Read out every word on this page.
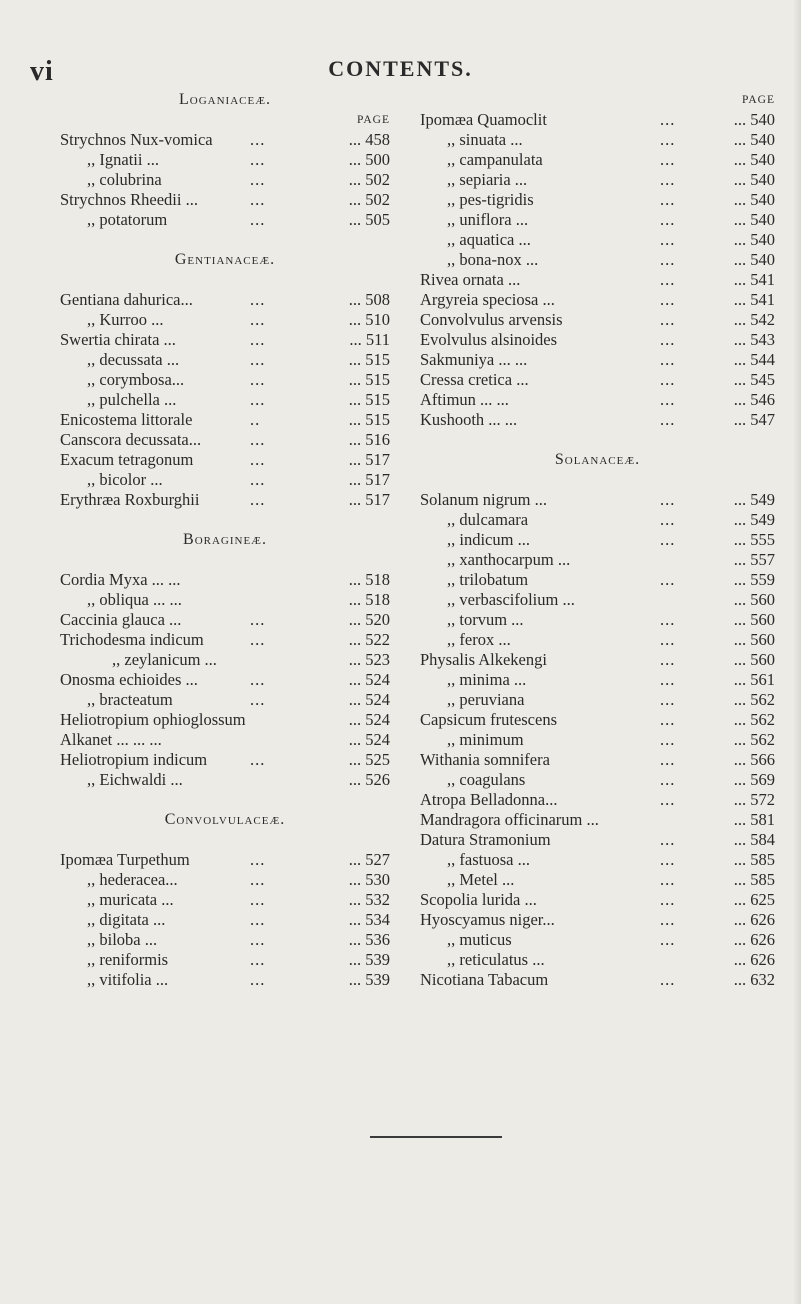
vi	CONTENTS.
Loganiaceæ.
PAGE
Strychnos Nux-vomica ...	... 458
,, Ignatii ...	...	... 500
,, colubrina	...	... 502
Strychnos Rheedii ...	...	... 502
,, potatorum	...	... 505
Gentianaceæ.
Gentiana dahurica...	...	... 508
,, Kurroo ...	...	... 510
Swertia chirata ...	...	... 511
,, decussata ...	...	... 515
,, corymbosa...	...	... 515
,, pulchella ...	...	... 515
Enicostema littorale	..	... 515
Canscora decussata...	...	... 516
Exacum tetragonum	...	... 517
,, bicolor ...	...	... 517
Erythræa Roxburghii	...	... 517
Boragineæ.
Cordia Myxa ... ...	... 518
,, obliqua ... ...	... 518
Caccinia glauca ...	...	... 520
Trichodesma indicum	...	... 522
,, zeylanicum ...	... 523
Onosma echioides ...	...	... 524
,, bracteatum	...	... 524
Heliotropium ophioglossum	... 524
Alkanet ... ... ...	... 524
Heliotropium indicum	...	... 525
,, Eichwaldi ...	... 526
Convolvulaceæ.
Ipomæa Turpethum	...	... 527
,, hederacea...	...	... 530
,, muricata ...	...	... 532
,, digitata ...	...	... 534
,, biloba ...	...	... 536
,, reniformis	...	... 539
,, vitifolia ...	...	... 539
PAGE
Ipomæa Quamoclit	...	... 540
,, sinuata ...	...	... 540
,, campanulata	...	... 540
,, sepiaria ...	...	... 540
,, pes-tigridis	...	... 540
,, uniflora ...	...	... 540
,, aquatica ...	...	... 540
,, bona-nox ...	...	... 540
Rivea ornata ...	...	... 541
Argyreia speciosa ...	...	... 541
Convolvulus arvensis	...	... 542
Evolvulus alsinoides	...	... 543
Sakmuniya ... ...	...	... 544
Cressa cretica ...	...	... 545
Aftimun ... ...	...	... 546
Kushooth ... ...	...	... 547
Solanaceæ.
Solanum nigrum ...	...	... 549
,, dulcamara	...	... 549
,, indicum ...	...	... 555
,, xanthocarpum ...	... 557
,, trilobatum	...	... 559
,, verbascifolium ...	... 560
,, torvum ...	...	... 560
,, ferox ...	...	... 560
Physalis Alkekengi	...	... 560
,, minima ...	...	... 561
,, peruviana	...	... 562
Capsicum frutescens	...	... 562
,, minimum	...	... 562
Withania somnifera	...	... 566
,, coagulans	...	... 569
Atropa Belladonna...	...	... 572
Mandragora officinarum ...	... 581
Datura Stramonium	...	... 584
,, fastuosa ...	...	... 585
,, Metel ...	...	... 585
Scopolia lurida ...	...	... 625
Hyoscyamus niger...	...	... 626
,, muticus	...	... 626
,, reticulatus ...	... 626
Nicotiana Tabacum	...	... 632
